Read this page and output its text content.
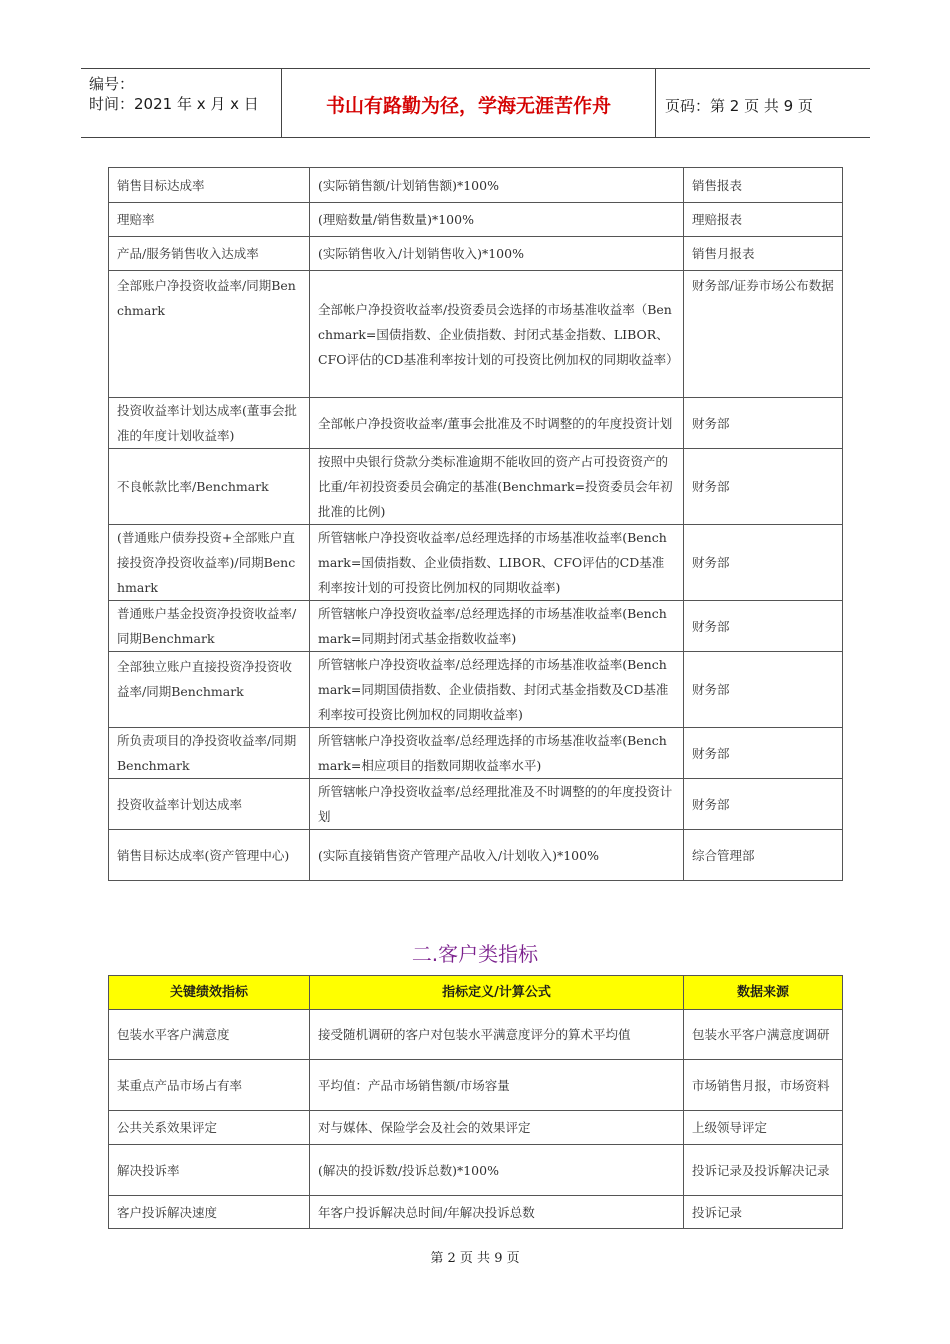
编号：
时间：2021 年 x 月 x 日	书山有路勤为径，学海无涯苦作舟	页码：第 2 页 共 9 页
销售目标达成率	(实际销售额/计划销售额)*100%	销售报表
理赔率	(理赔数量/销售数量)*100%	理赔报表
产品/服务销售收入达成率	(实际销售收入/计划销售收入)*100%	销售月报表
全部账户净投资收益率/同期Benchmark	全部帐户净投资收益率/投资委员会选择的市场基准收益率（Benchmark=国债指数、企业债指数、封闭式基金指数、LIBOR、CFO评估的CD基准利率按计划的可投资比例加权的同期收益率）	财务部/证券市场公布数据
投资收益率计划达成率(董事会批准的年度计划收益率)	全部帐户净投资收益率/董事会批准及不时调整的的年度投资计划	财务部
不良帐款比率/Benchmark	按照中央银行贷款分类标准逾期不能收回的资产占可投资资产的比重/年初投资委员会确定的基准(Benchmark=投资委员会年初批准的比例)	财务部
(普通账户债券投资+全部账户直接投资净投资收益率)/同期Benchmark	所管辖帐户净投资收益率/总经理选择的市场基准收益率(Benchmark=国债指数、企业债指数、LIBOR、CFO评估的CD基准利率按计划的可投资比例加权的同期收益率)	财务部
普通账户基金投资净投资收益率/同期Benchmark	所管辖帐户净投资收益率/总经理选择的市场基准收益率(Benchmark=同期封闭式基金指数收益率)	财务部
全部独立账户直接投资净投资收益率/同期Benchmark	所管辖帐户净投资收益率/总经理选择的市场基准收益率(Benchmark=同期国债指数、企业债指数、封闭式基金指数及CD基准利率按可投资比例加权的同期收益率)	财务部
所负责项目的净投资收益率/同期Benchmark	所管辖帐户净投资收益率/总经理选择的市场基准收益率(Benchmark=相应项目的指数同期收益率水平)	财务部
投资收益率计划达成率	所管辖帐户净投资收益率/总经理批准及不时调整的的年度投资计划	财务部
销售目标达成率(资产管理中心)	(实际直接销售资产管理产品收入/计划收入)*100%	综合管理部
二.客户类指标
关键绩效指标	指标定义/计算公式	数据来源
包装水平客户满意度	接受随机调研的客户对包装水平满意度评分的算术平均值	包装水平客户满意度调研
某重点产品市场占有率	平均值：产品市场销售额/市场容量	市场销售月报，市场资料
公共关系效果评定	对与媒体、保险学会及社会的效果评定	上级领导评定
解决投诉率	(解决的投诉数/投诉总数)*100%	投诉记录及投诉解决记录
客户投诉解决速度	年客户投诉解决总时间/年解决投诉总数	投诉记录
第 2 页 共 9 页
